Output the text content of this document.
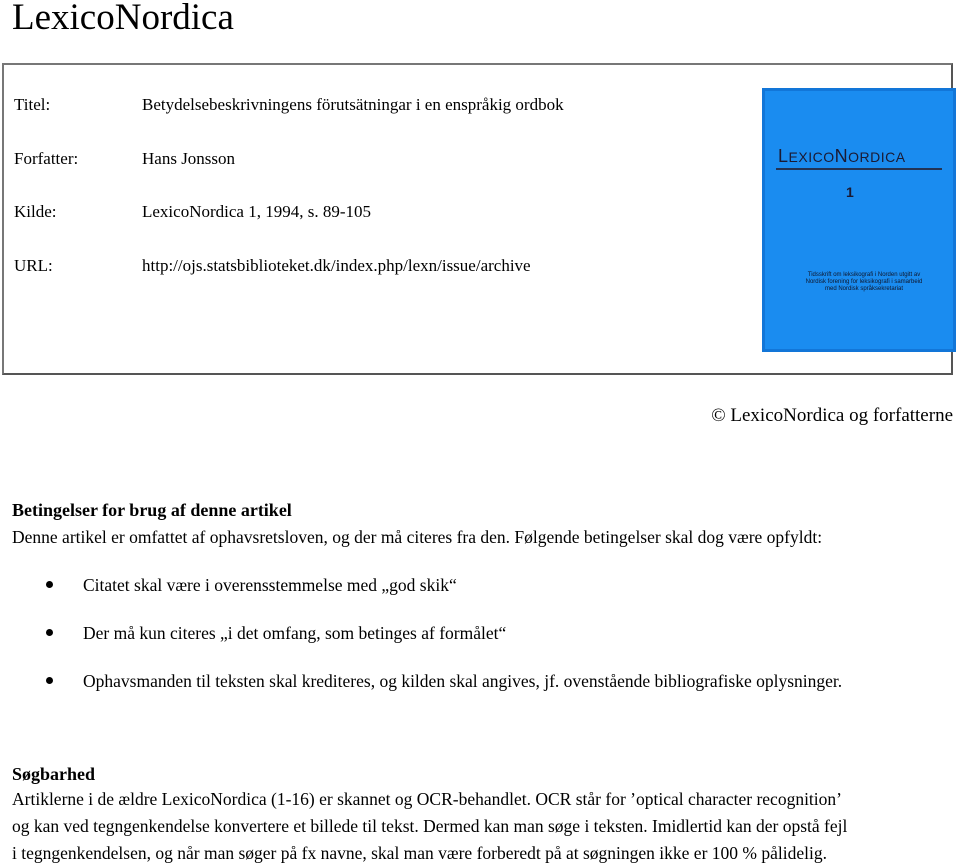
LexicoNordica
Titel:	Betydelsebeskrivningens förutsätningar i en enspråkig ordbok
Forfatter:	Hans Jonsson
Kilde:	LexicoNordica 1, 1994, s. 89-105
URL:	http://ojs.statsbiblioteket.dk/index.php/lexn/issue/archive
LEXICONORDICA
1
Tidsskrift om leksikografi i Norden utgitt av Nordisk forening for leksikografi i samarbeid med Nordisk språksekretariat
© LexicoNordica og forfatterne
Betingelser for brug af denne artikel

Denne artikel er omfattet af ophavsretsloven, og der må citeres fra den. Følgende betingelser skal dog være opfyldt:

Citatet skal være i overensstemmelse med „god skik“
Der må kun citeres „i det omfang, som betinges af formålet“
Ophavsmanden til teksten skal krediteres, og kilden skal angives, jf. ovenstående bibliografiske oplysninger.
Søgbarhed

Artiklerne i de ældre LexicoNordica (1-16) er skannet og OCR-behandlet. OCR står for ’optical character recognition’

og kan ved tegngenkendelse konvertere et billede til tekst. Dermed kan man søge i teksten. Imidlertid kan der opstå fejl

i tegngenkendelsen, og når man søger på fx navne, skal man være forberedt på at søgningen ikke er 100 % pålidelig.
